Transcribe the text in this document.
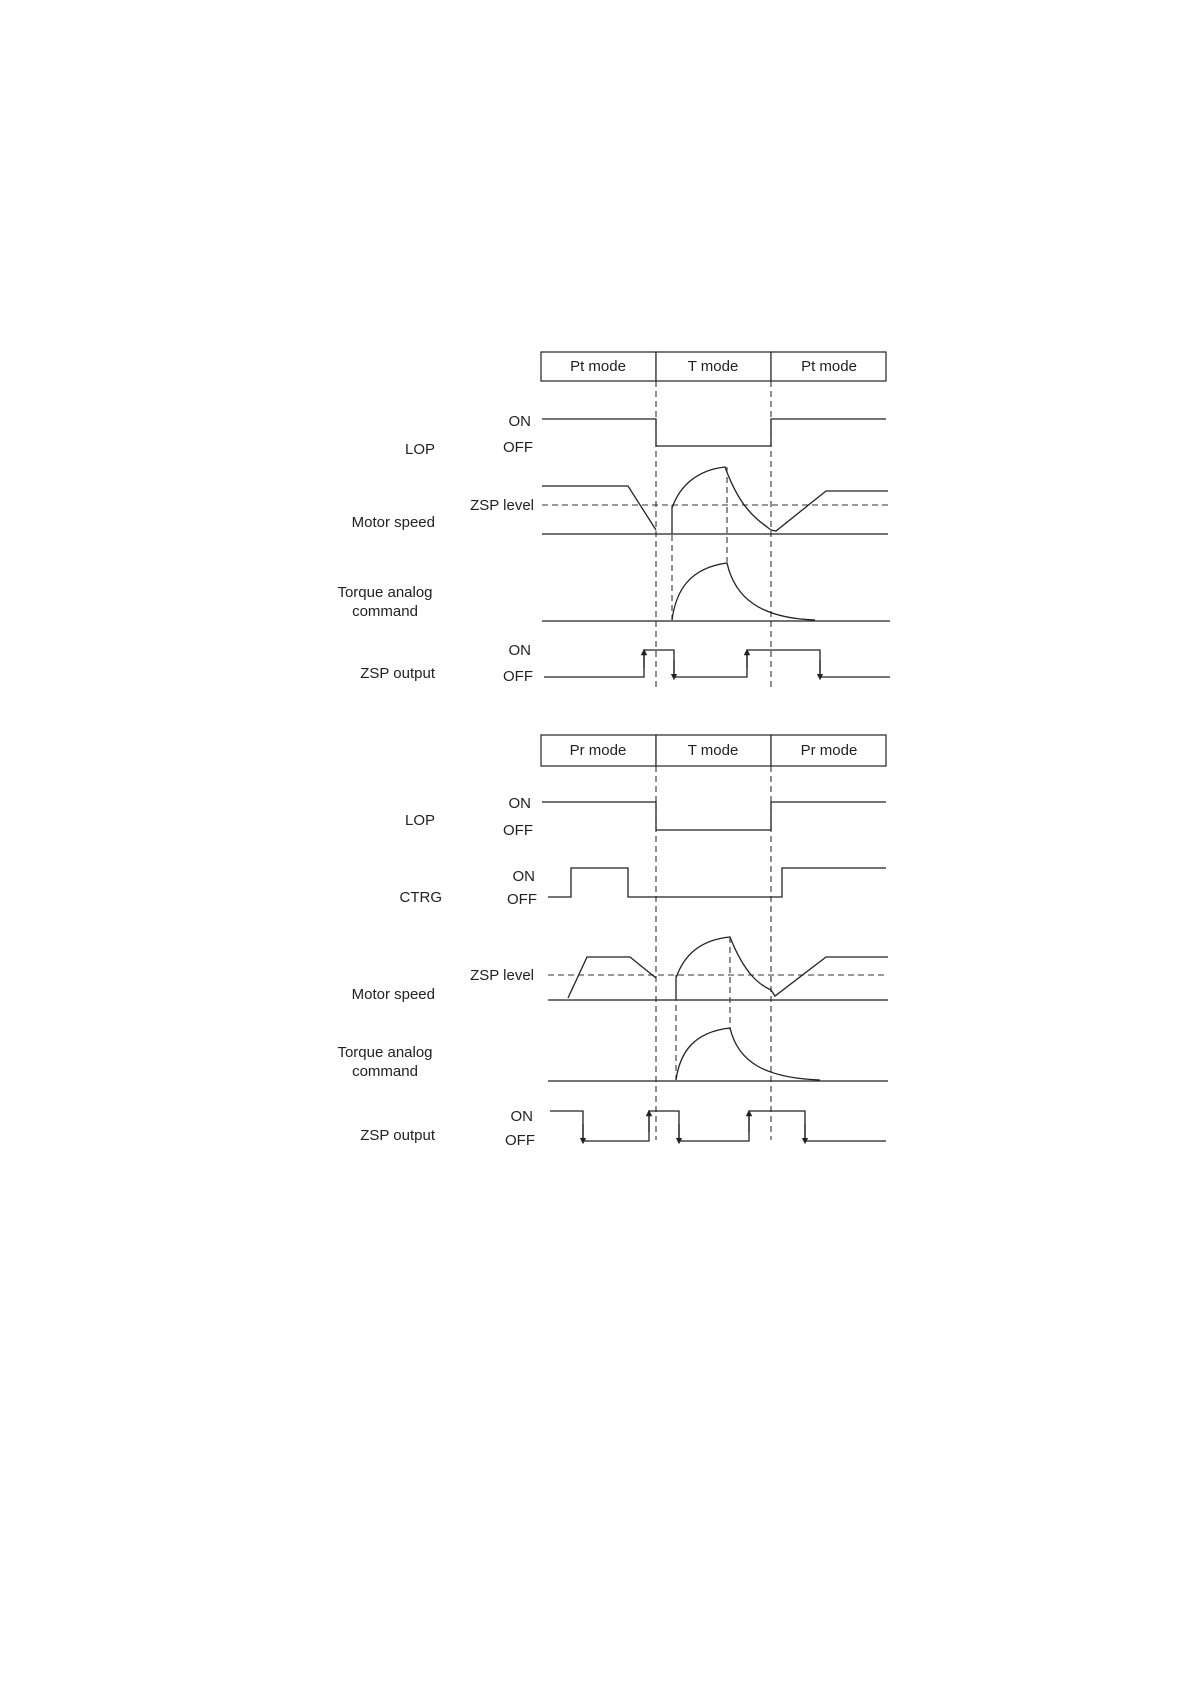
Pt mode	T mode	Pt mode
LOP
ON
OFF
Motor speed
ZSP level
Torque analog
command
ZSP output
ON
OFF
Pr mode	T mode	Pr mode
LOP
ON
OFF
CTRG
ON
OFF
Motor speed
ZSP level
Torque analog
command
ZSP output
ON
OFF
